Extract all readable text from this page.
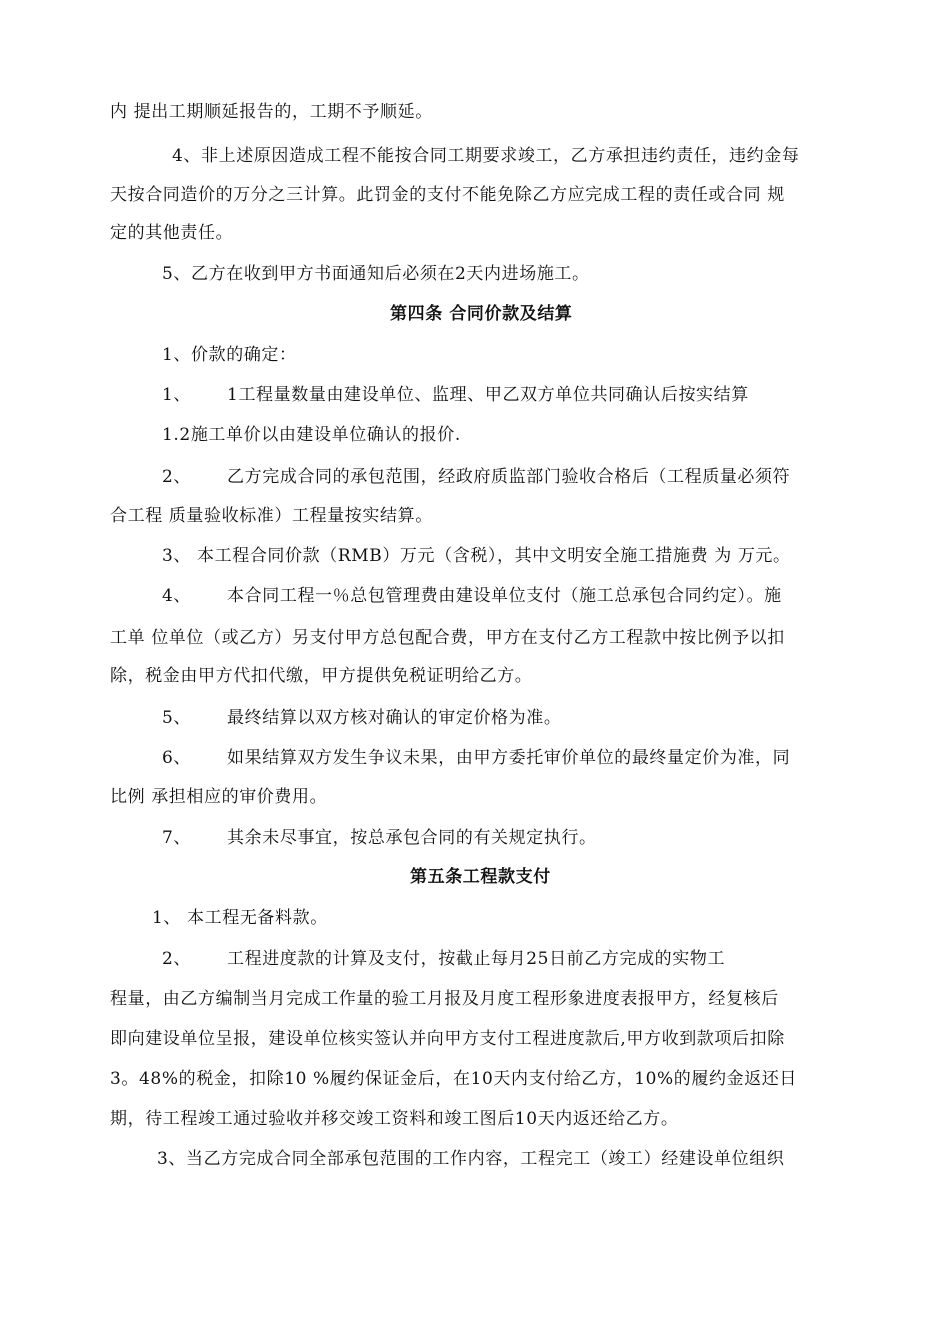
内 提出工期顺延报告的，工期不予顺延。
4、非上述原因造成工程不能按合同工期要求竣工，乙方承担违约责任，违约金每
天按合同造价的万分之三计算。此罚金的支付不能免除乙方应完成工程的责任或合同 规
定的其他责任。
5、乙方在收到甲方书面通知后必须在2天内进场施工。
第四条 合同价款及结算
1、价款的确定：
1、      1工程量数量由建设单位、监理、甲乙双方单位共同确认后按实结算
1.2施工单价以由建设单位确认的报价.
2、      乙方完成合同的承包范围，经政府质监部门验收合格后（工程质量必须符
合工程 质量验收标准）工程量按实结算。
3、 本工程合同价款（RMB）万元（含税），其中文明安全施工措施费 为 万元。
4、      本合同工程一％总包管理费由建设单位支付（施工总承包合同约定）。施
工单 位单位（或乙方）另支付甲方总包配合费，甲方在支付乙方工程款中按比例予以扣
除，税金由甲方代扣代缴，甲方提供免税证明给乙方。
5、      最终结算以双方核对确认的审定价格为准。
6、      如果结算双方发生争议未果，由甲方委托审价单位的最终量定价为准，同
比例 承担相应的审价费用。
7、      其余未尽事宜，按总承包合同的有关规定执行。
第五条工程款支付
1、 本工程无备料款。
2、      工程进度款的计算及支付，按截止每月25日前乙方完成的实物工
程量，由乙方编制当月完成工作量的验工月报及月度工程形象进度表报甲方，经复核后
即向建设单位呈报，建设单位核实签认并向甲方支付工程进度款后,甲方收到款项后扣除
3。48%的税金，扣除10 %履约保证金后，在10天内支付给乙方，10%的履约金返还日
期，待工程竣工通过验收并移交竣工资料和竣工图后10天内返还给乙方。
3、当乙方完成合同全部承包范围的工作内容，工程完工（竣工）经建设单位组织
